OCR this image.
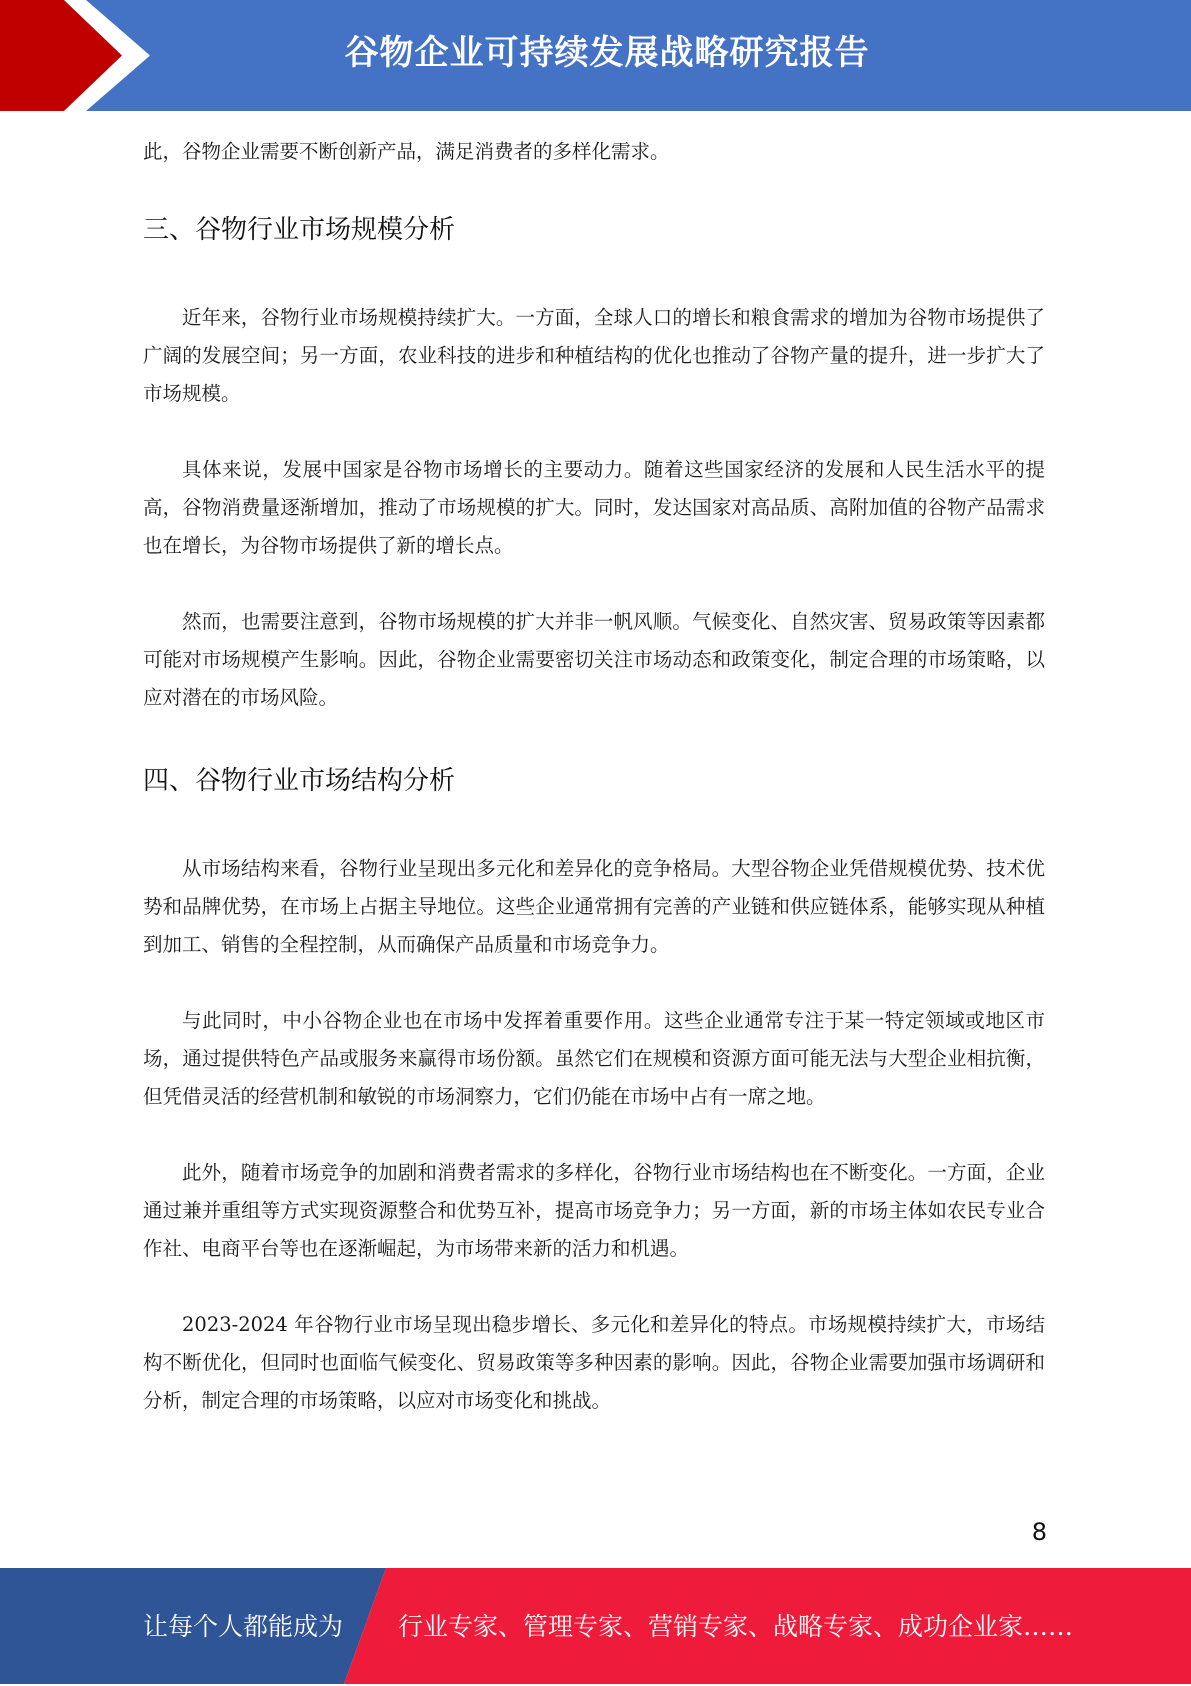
谷物企业可持续发展战略研究报告

此，谷物企业需要不断创新产品，满足消费者的多样化需求。

三、谷物行业市场规模分析

近年来，谷物行业市场规模持续扩大。一方面，全球人口的增长和粮食需求的增加为谷物市场提供了广阔的发展空间；另一方面，农业科技的进步和种植结构的优化也推动了谷物产量的提升，进一步扩大了市场规模。

具体来说，发展中国家是谷物市场增长的主要动力。随着这些国家经济的发展和人民生活水平的提高，谷物消费量逐渐增加，推动了市场规模的扩大。同时，发达国家对高品质、高附加值的谷物产品需求也在增长，为谷物市场提供了新的增长点。

然而，也需要注意到，谷物市场规模的扩大并非一帆风顺。气候变化、自然灾害、贸易政策等因素都可能对市场规模产生影响。因此，谷物企业需要密切关注市场动态和政策变化，制定合理的市场策略，以应对潜在的市场风险。

四、谷物行业市场结构分析

从市场结构来看，谷物行业呈现出多元化和差异化的竞争格局。大型谷物企业凭借规模优势、技术优势和品牌优势，在市场上占据主导地位。这些企业通常拥有完善的产业链和供应链体系，能够实现从种植到加工、销售的全程控制，从而确保产品质量和市场竞争力。

与此同时，中小谷物企业也在市场中发挥着重要作用。这些企业通常专注于某一特定领域或地区市场，通过提供特色产品或服务来赢得市场份额。虽然它们在规模和资源方面可能无法与大型企业相抗衡，但凭借灵活的经营机制和敏锐的市场洞察力，它们仍能在市场中占有一席之地。

此外，随着市场竞争的加剧和消费者需求的多样化，谷物行业市场结构也在不断变化。一方面，企业通过兼并重组等方式实现资源整合和优势互补，提高市场竞争力；另一方面，新的市场主体如农民专业合作社、电商平台等也在逐渐崛起，为市场带来新的活力和机遇。

2023-2024 年谷物行业市场呈现出稳步增长、多元化和差异化的特点。市场规模持续扩大，市场结构不断优化，但同时也面临气候变化、贸易政策等多种因素的影响。因此，谷物企业需要加强市场调研和分析，制定合理的市场策略，以应对市场变化和挑战。

8
让每个人都能成为 行业专家、管理专家、营销专家、战略专家、成功企业家……
